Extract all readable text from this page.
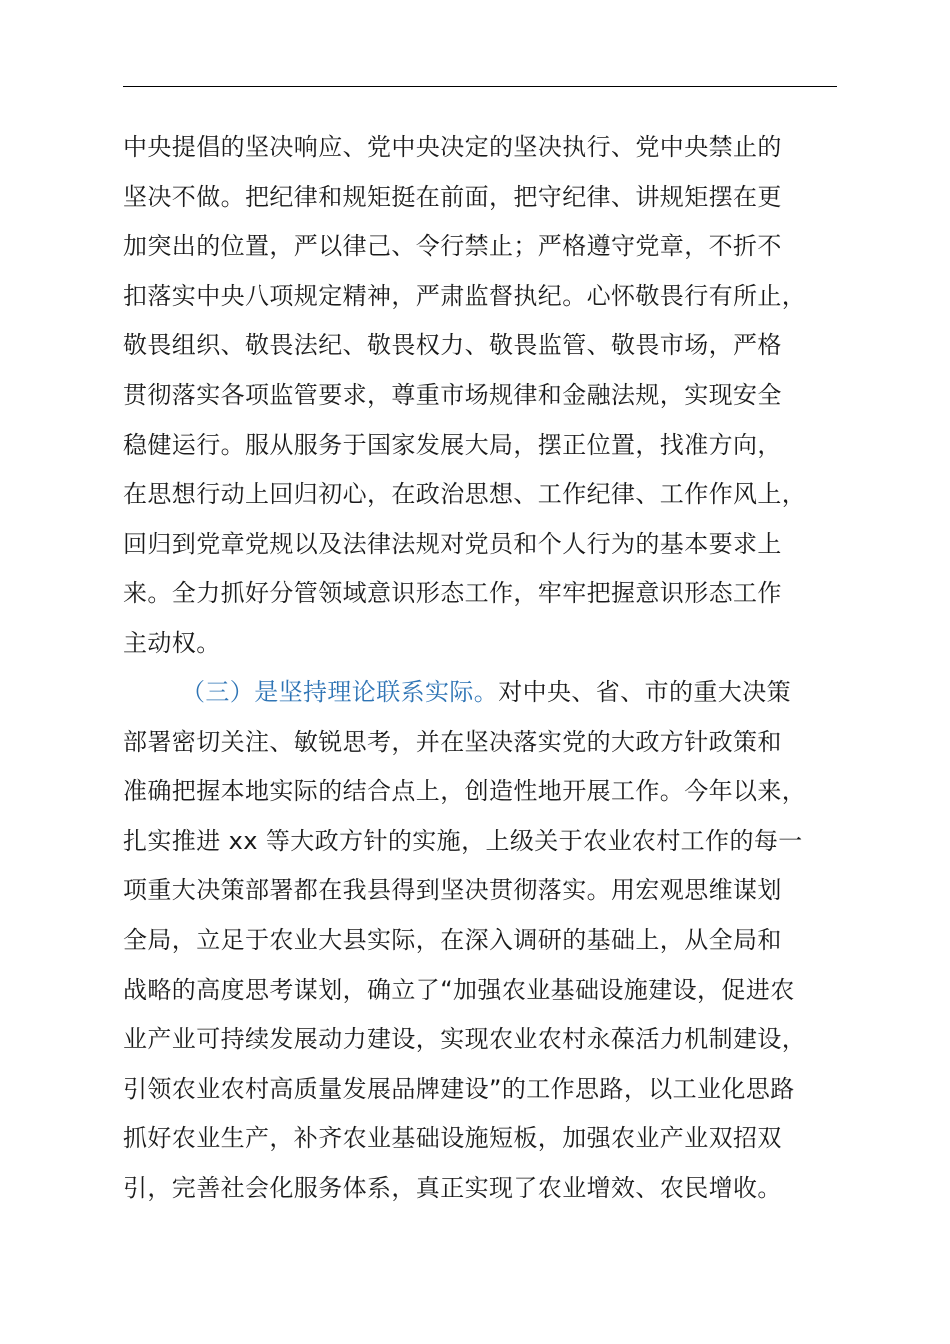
中央提倡的坚决响应、党中央决定的坚决执行、党中央禁止的
坚决不做。把纪律和规矩挺在前面，把守纪律、讲规矩摆在更
加突出的位置，严以律己、令行禁止；严格遵守党章，不折不
扣落实中央八项规定精神，严肃监督执纪。心怀敬畏行有所止，
敬畏组织、敬畏法纪、敬畏权力、敬畏监管、敬畏市场，严格
贯彻落实各项监管要求，尊重市场规律和金融法规，实现安全
稳健运行。服从服务于国家发展大局，摆正位置，找准方向，
在思想行动上回归初心，在政治思想、工作纪律、工作作风上，
回归到党章党规以及法律法规对党员和个人行为的基本要求上
来。全力抓好分管领域意识形态工作，牢牢把握意识形态工作
主动权。
（三）是坚持理论联系实际。对中央、省、市的重大决策
部署密切关注、敏锐思考，并在坚决落实党的大政方针政策和
准确把握本地实际的结合点上，创造性地开展工作。今年以来，
扎实推进 xx 等大政方针的实施，上级关于农业农村工作的每一
项重大决策部署都在我县得到坚决贯彻落实。用宏观思维谋划
全局，立足于农业大县实际，在深入调研的基础上，从全局和
战略的高度思考谋划，确立了“加强农业基础设施建设，促进农
业产业可持续发展动力建设，实现农业农村永葆活力机制建设，
引领农业农村高质量发展品牌建设”的工作思路，以工业化思路
抓好农业生产，补齐农业基础设施短板，加强农业产业双招双
引，完善社会化服务体系，真正实现了农业增效、农民增收。
